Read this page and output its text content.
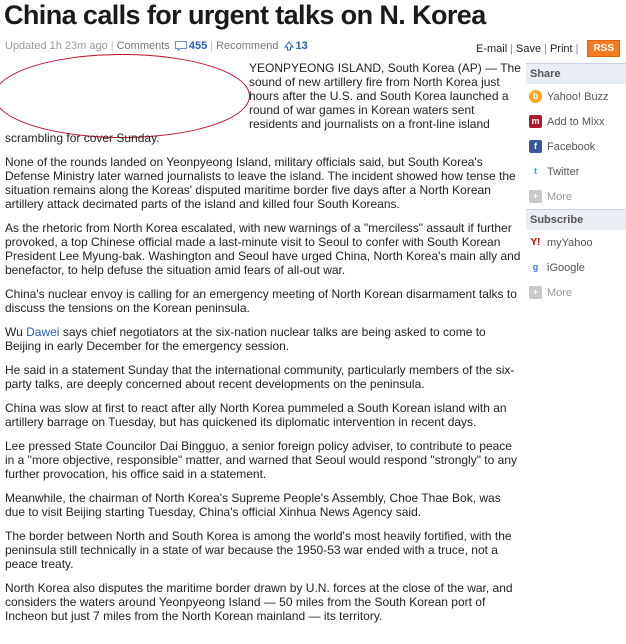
China calls for urgent talks on N. Korea
Updated 1h 23m ago | Comments 455 | Recommend 13	E-mail | Save | Print |	RSS

YEONPYEONG ISLAND, South Korea (AP) — The sound of new artillery fire from North Korea just hours after the U.S. and South Korea launched a round of war games in Korean waters sent residents and journalists on a front-line island scrambling for cover Sunday.

None of the rounds landed on Yeonpyeong Island, military officials said, but South Korea's Defense Ministry later warned journalists to leave the island. The incident showed how tense the situation remains along the Koreas' disputed maritime border five days after a North Korean artillery attack decimated parts of the island and killed four South Koreans.

As the rhetoric from North Korea escalated, with new warnings of a "merciless" assault if further provoked, a top Chinese official made a last-minute visit to Seoul to confer with South Korean President Lee Myung-bak. Washington and Seoul have urged China, North Korea's main ally and benefactor, to help defuse the situation amid fears of all-out war.

China's nuclear envoy is calling for an emergency meeting of North Korean disarmament talks to discuss the tensions on the Korean peninsula.

Wu Dawei says chief negotiators at the six-nation nuclear talks are being asked to come to Beijing in early December for the emergency session.

He said in a statement Sunday that the international community, particularly members of the six-party talks, are deeply concerned about recent developments on the peninsula.

China was slow at first to react after ally North Korea pummeled a South Korean island with an artillery barrage on Tuesday, but has quickened its diplomatic intervention in recent days.

Lee pressed State Councilor Dai Bingguo, a senior foreign policy adviser, to contribute to peace in a "more objective, responsible" matter, and warned that Seoul would respond "strongly" to any further provocation, his office said in a statement.

Meanwhile, the chairman of North Korea's Supreme People's Assembly, Choe Thae Bok, was due to visit Beijing starting Tuesday, China's official Xinhua News Agency said.

The border between North and South Korea is among the world's most heavily fortified, with the peninsula still technically in a state of war because the 1950-53 war ended with a truce, not a peace treaty.

North Korea also disputes the maritime border drawn by U.N. forces at the close of the war, and considers the waters around Yeonpyeong Island — 50 miles from the South Korean port of Incheon but just 7 miles from the North Korean mainland — its territory.

Share
b Yahoo! Buzz
m Add to Mixx
f Facebook
t Twitter
+ More
Subscribe
Y! myYahoo
g iGoogle
+ More
